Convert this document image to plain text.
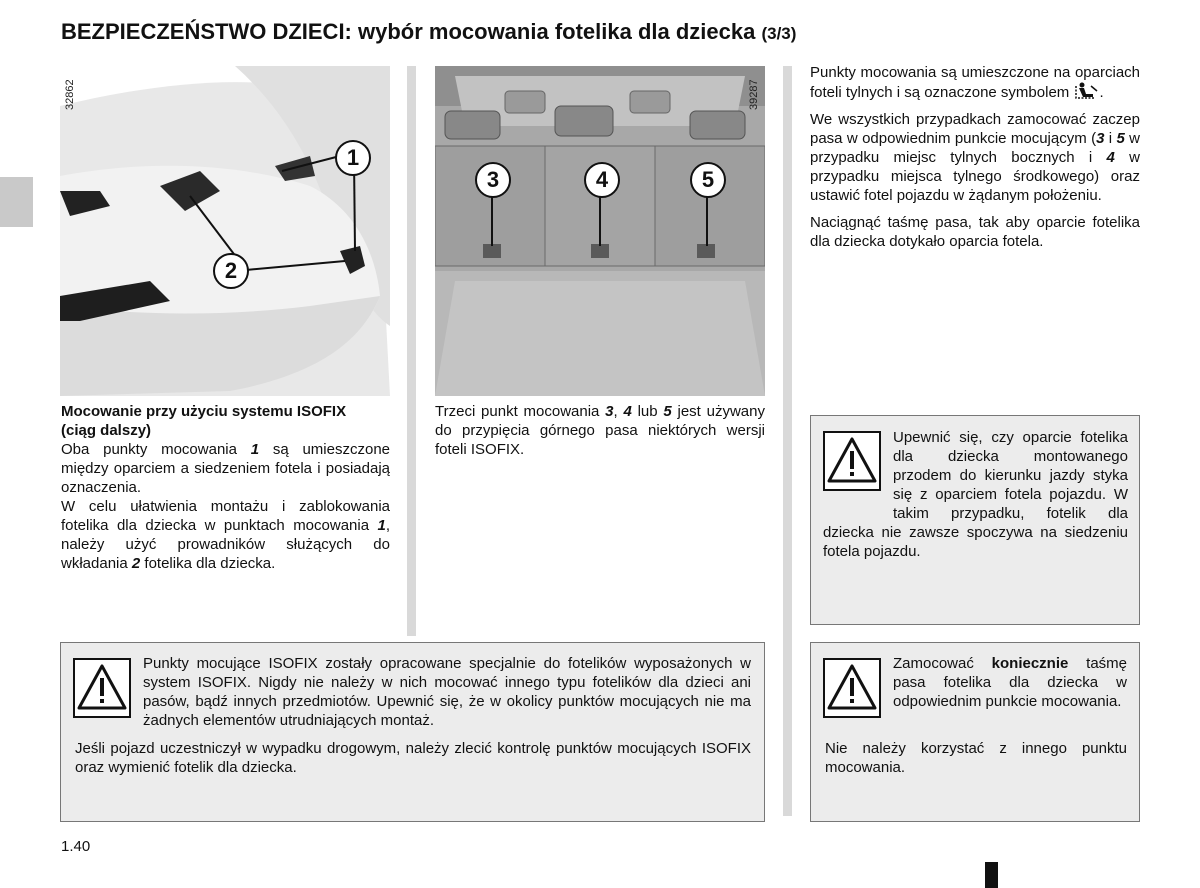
BEZPIECZEŃSTWO DZIECI: wybór mocowania fotelika dla dziecka (3/3)
1
2
32862
3	4	5
39287

Mocowanie przy użyciu systemu ISOFIX
(ciąg dalszy)

Oba punkty mocowania 1 są umieszczone między oparciem a siedzeniem fotela i posiadają oznaczenia.

W celu ułatwienia montażu i zablokowania fotelika dla dziecka w punktach mocowania 1, należy użyć prowadników służących do wkładania 2 fotelika dla dziecka.

Trzeci punkt mocowania 3, 4 lub 5 jest używany do przypięcia górnego pasa niektórych wersji foteli ISOFIX.

Punkty mocowania są umieszczone na oparciach foteli tylnych i są oznaczone symbolem .

We wszystkich przypadkach zamocować zaczep pasa w odpowiednim punkcie mocującym (3 i 5 w przypadku miejsc tylnych bocznych i 4 w przypadku miejsca tylnego środkowego) oraz ustawić fotel pojazdu w żądanym położeniu.

Naciągnąć taśmę pasa, tak aby oparcie fotelika dla dziecka dotykało oparcia fotela.

Upewnić się, czy oparcie fotelika dla dziecka montowanego przodem do kierunku jazdy styka się z oparciem fotela pojazdu. W takim przypadku, fotelik dla dziecka nie zawsze spoczywa na siedzeniu fotela pojazdu.
Punkty mocujące ISOFIX zostały opracowane specjalnie do fotelików wyposażonych w system ISOFIX. Nigdy nie należy w nich mocować innego typu fotelików dla dzieci ani pasów, bądź innych przedmiotów. Upewnić się, że w okolicy punktów mocujących nie ma żadnych elementów utrudniających montaż.
Jeśli pojazd uczestniczył w wypadku drogowym, należy zlecić kontrolę punktów mocujących ISOFIX oraz wymienić fotelik dla dziecka.
Zamocować koniecznie taśmę pasa fotelika dla dziecka w odpowiednim punkcie mocowania.
Nie należy korzystać z innego punktu mocowania.
1.40
